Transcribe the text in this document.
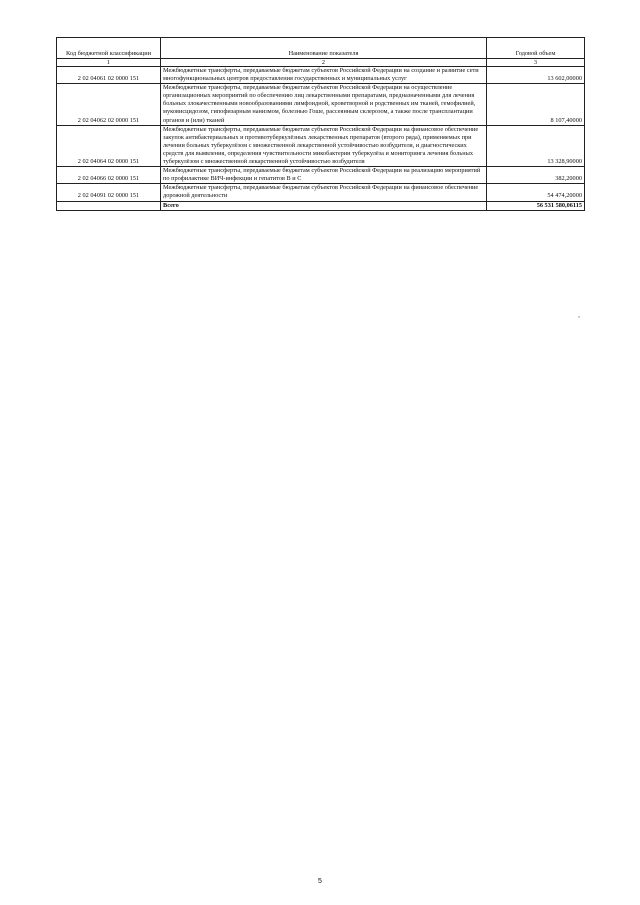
Код бюджетной классификации	Наименование показателя	Годовой объем
1	2	3
2 02 04061 02 0000 151	Межбюджетные трансферты, передаваемые бюджетам субъектов Российской Федерации на создание и развитие сети многофункциональных центров предоставления государственных и муниципальных услуг	13 602,00000
2 02 04062 02 0000 151	Межбюджетные трансферты, передаваемые бюджетам субъектов Российской Федерации на осуществление организационных мероприятий по обеспечению лиц лекарственными препаратами, предназначенными для лечения больных злокачественными новообразованиями лимфоидной, кроветворной и родственных им тканей, гемофилией, муковисцидозом, гипофизарным нанизмом, болезнью Гоше, рассеянным склерозом, а также после трансплантации органов и (или) тканей	8 107,40000
2 02 04064 02 0000 151	Межбюджетные трансферты, передаваемые бюджетам субъектов Российской Федерации на финансовое обеспечение закупок антибактериальных и противотуберкулёзных лекарственных препаратов (второго ряда), применяемых при лечении больных туберкулёзом с множественной лекарственной устойчивостью возбудителя, и диагностических средств для выявления, определения чувствительности микобактерии туберкулёза и мониторинга лечения больных туберкулёзом с множественной лекарственной устойчивостью возбудителя	13 328,90000
2 02 04066 02 0000 151	Межбюджетные трансферты, передаваемые бюджетам субъектов Российской Федерации на реализацию мероприятий по профилактике ВИЧ-инфекции и гепатитов B и C	382,20000
2 02 04091 02 0000 151	Межбюджетные трансферты, передаваемые бюджетам субъектов Российской Федерации на финансовое обеспечение дорожной деятельности	54 474,20000
	Всего	56 531 580,06115
"
5
